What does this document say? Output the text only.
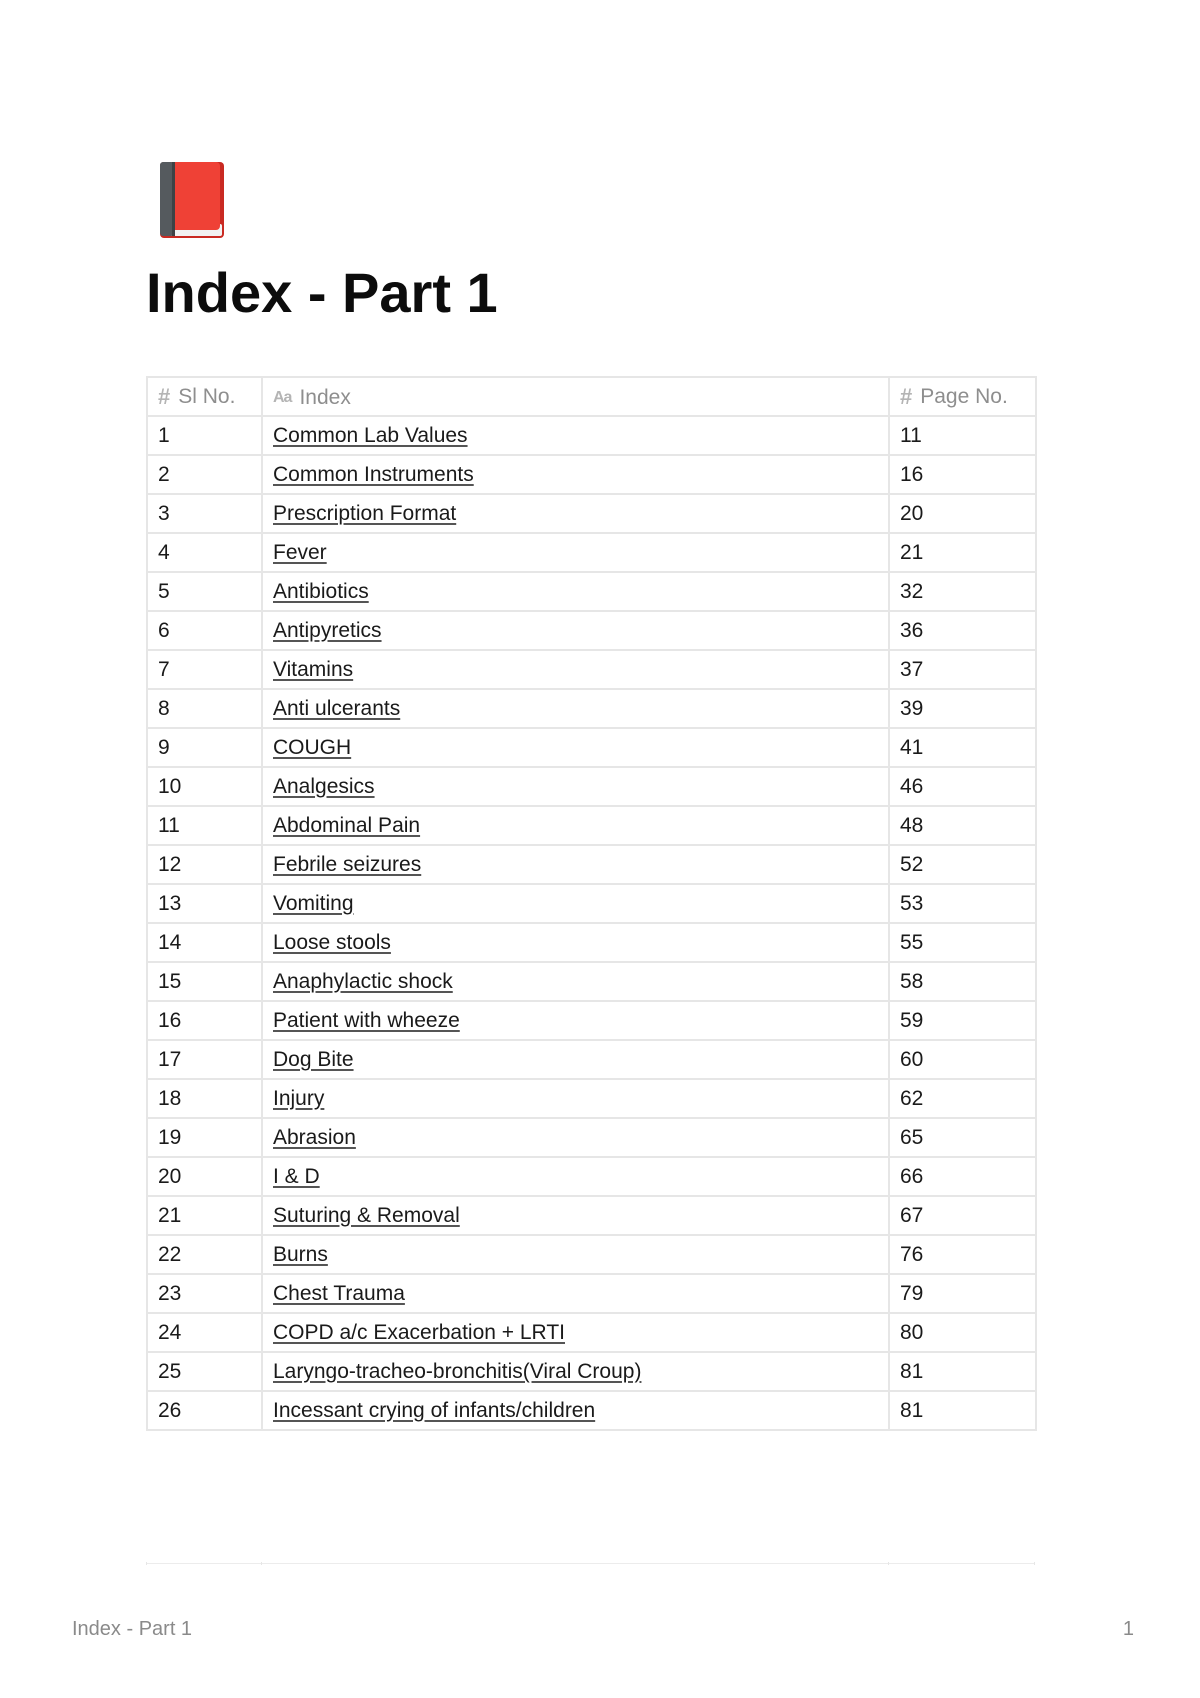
Index - Part 1
# Sl No.	Aa Index	# Page No.

1	Common Lab Values	11
2	Common Instruments	16
3	Prescription Format	20
4	Fever	21
5	Antibiotics	32
6	Antipyretics	36
7	Vitamins	37
8	Anti ulcerants	39
9	COUGH	41
10	Analgesics	46
11	Abdominal Pain	48
12	Febrile seizures	52
13	Vomiting	53
14	Loose stools	55
15	Anaphylactic shock	58
16	Patient with wheeze	59
17	Dog Bite	60
18	Injury	62
19	Abrasion	65
20	I & D	66
21	Suturing & Removal	67
22	Burns	76
23	Chest Trauma	79
24	COPD a/c Exacerbation + LRTI	80
25	Laryngo-tracheo-bronchitis(Viral Croup)	81
26	Incessant crying of infants/children	81
Index - Part 1	1
